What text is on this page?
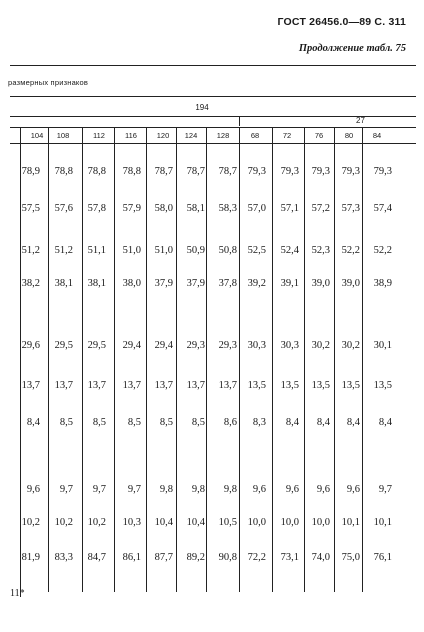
ГОСТ 26456.0—89 С. 311
Продолжение табл. 75
размерных признаков
194
27
104	108	112	116	120	124	128	68	72	76	80	84
78,9	78,8	78,8	78,8	78,7	78,7	78,7	79,3	79,3	79,3	79,3	79,3
57,5	57,6	57,8	57,9	58,0	58,1	58,3	57,0	57,1	57,2	57,3	57,4
51,2	51,2	51,1	51,0	51,0	50,9	50,8	52,5	52,4	52,3	52,2	52,2
38,2	38,1	38,1	38,0	37,9	37,9	37,8	39,2	39,1	39,0	39,0	38,9
29,6	29,5	29,5	29,4	29,4	29,3	29,3	30,3	30,3	30,2	30,2	30,1
13,7	13,7	13,7	13,7	13,7	13,7	13,7	13,5	13,5	13,5	13,5	13,5
8,4	8,5	8,5	8,5	8,5	8,5	8,6	8,3	8,4	8,4	8,4	8,4
9,6	9,7	9,7	9,7	9,8	9,8	9,8	9,6	9,6	9,6	9,6	9,7
10,2	10,2	10,2	10,3	10,4	10,4	10,5	10,0	10,0	10,0	10,1	10,1
81,9	83,3	84,7	86,1	87,7	89,2	90,8	72,2	73,1	74,0	75,0	76,1
11*
